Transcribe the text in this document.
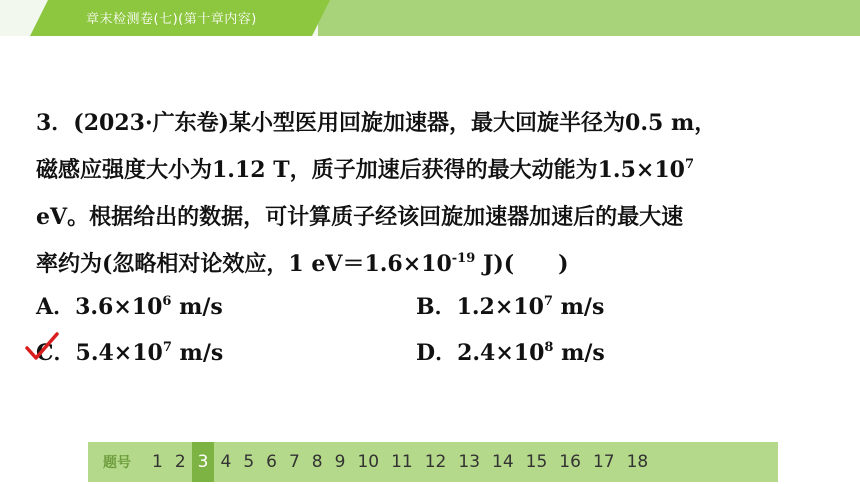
章末检测卷(七)(第十章内容)
3．(2023·广东卷)某小型医用回旋加速器，最大回旋半径为0.5 m，
磁感应强度大小为1.12 T，质子加速后获得的最大动能为$1.5\times 10^7$
eV。根据给出的数据，可计算质子经该回旋加速器加速后的最大速
率约为(忽略相对论效应，1 $eV=1.6\times 10^{-19}$ J)(　　)
A．$3.6\times 10^6$ m/s	B．$1.2\times 10^7$ m/s
C．$5.4\times 10^7$ m/s	D．$2.4\times 10^8$ m/s
题号	1 2 3 4 5 6 7 8 9 10 11 12 13 14 15 16 17 18
